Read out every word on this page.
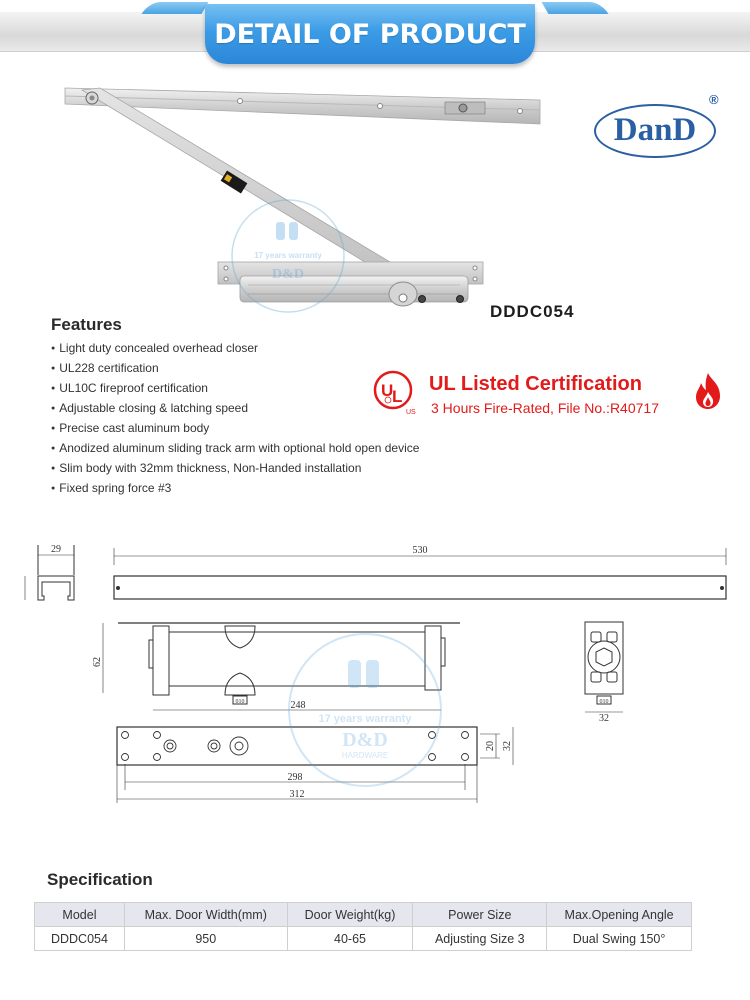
DETAIL OF PRODUCT
DanD
®
17 years warranty
D&D
DDDC054
Features
● Light duty concealed overhead closer
● UL228 certification
● UL10C fireproof certification
● Adjustable closing & latching speed
● Precise cast aluminum body
● Anodized aluminum sliding track arm with optional hold open device
● Slim body with 32mm thickness, Non-Handed installation
● Fixed spring force #3
U
L
US
UL Listed Certification
3 Hours Fire-Rated, File No.:R40717
29	530
62
248
32
298
312
20 32
010	010
17 years warranty
D&D
HARDWARE
Specification
Model	Max. Door Width(mm)	Door Weight(kg)	Power Size	Max.Opening Angle
DDDC054	950	40-65	Adjusting Size 3	Dual Swing 150°
